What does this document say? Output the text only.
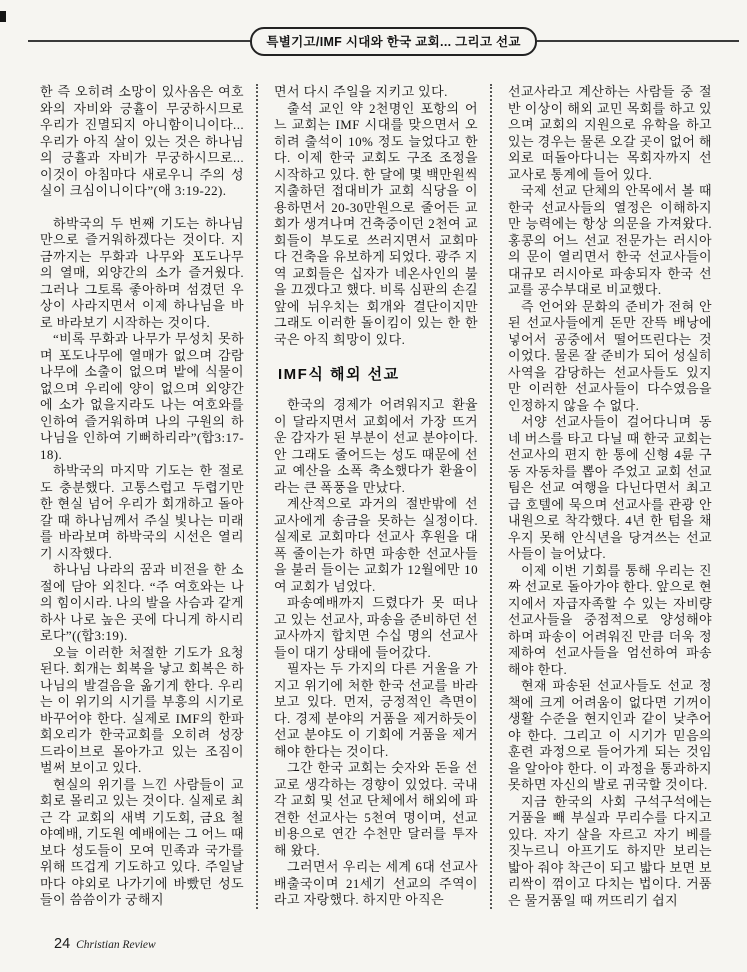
특별기고/IMF 시대와 한국 교회... 그리고 선교

한 즉 오히려 소망이 있사옴은 여호와의 자비와 긍휼이 무궁하시므로 우리가 진멸되지 아니함이니이다... 우리가 아직 살이 있는 것은 하나님의 긍휼과 자비가 무궁하시므로... 이것이 아침마다 새로우니 주의 성실이 크심이니이다”(애 3:19-22).

하박국의 두 번째 기도는 하나님만으로 즐거워하겠다는 것이다. 지금까지는 무화과 나무와 포도나무의 열매, 외양간의 소가 즐거웠다. 그러나 그토록 좋아하며 섬겼던 우상이 사라지면서 이제 하나님을 바로 바라보기 시작하는 것이다.

“비록 무화과 나무가 무성치 못하며 포도나무에 열매가 없으며 감람나무에 소출이 없으며 밭에 식물이 없으며 우리에 양이 없으며 외양간에 소가 없을지라도 나는 여호와를 인하여 즐거워하며 나의 구원의 하나님을 인하여 기뻐하리라”(합3:17-18).

하박국의 마지막 기도는 한 절로도 충분했다. 고통스럽고 두렵기만 한 현실 넘어 우리가 회개하고 돌아갈 때 하나님께서 주실 빛나는 미래를 바라보며 하박국의 시선은 열리기 시작했다.

하나님 나라의 꿈과 비전을 한 소절에 담아 외친다. “주 여호와는 나의 힘이시라. 나의 발을 사슴과 같게 하사 나로 높은 곳에 다니게 하시리로다”((합3:19).

오늘 이러한 처절한 기도가 요청된다. 회개는 회복을 낳고 회복은 하나님의 발걸음을 옮기게 한다. 우리는 이 위기의 시기를 부흥의 시기로 바꾸어야 한다. 실제로 IMF의 한파 회오리가 한국교회를 오히려 성장 드라이브로 몰아가고 있는 조짐이 벌써 보이고 있다.

현실의 위기를 느낀 사람들이 교회로 몰리고 있는 것이다. 실제로 최근 각 교회의 새벽 기도회, 금요 철야예배, 기도원 예배에는 그 어느 때보다 성도들이 모여 민족과 국가를 위해 뜨겁게 기도하고 있다. 주일날마다 야외로 나가기에 바빴던 성도들이 씀씀이가 궁해지

면서 다시 주일을 지키고 있다.

출석 교인 약 2천명인 포항의 어느 교회는 IMF 시대를 맞으면서 오히려 출석이 10% 정도 늘었다고 한다. 이제 한국 교회도 구조 조정을 시작하고 있다. 한 달에 몇 백만원씩 지출하던 접대비가 교회 식당을 이용하면서 20-30만원으로 줄어든 교회가 생겨나며 건축중이던 2천여 교회들이 부도로 쓰러지면서 교회마다 건축을 유보하게 되었다. 광주 지역 교회들은 십자가 네온사인의 불을 끄겠다고 했다. 비록 심판의 손길 앞에 뉘우치는 회개와 결단이지만 그래도 이러한 돌이킴이 있는 한 한국은 아직 희망이 있다.

IMF식 해외 선교

한국의 경제가 어려워지고 환율이 달라지면서 교회에서 가장 뜨거운 감자가 된 부분이 선교 분야이다. 안 그래도 줄어드는 성도 때문에 선교 예산을 소폭 축소했다가 환율이라는 큰 폭풍을 만났다.

계산적으로 과거의 절반밖에 선교사에게 송금을 못하는 실정이다. 실제로 교회마다 선교사 후원을 대폭 줄이는가 하면 파송한 선교사들을 불러 들이는 교회가 12월에만 10여 교회가 넘었다.

파송예배까지 드렸다가 못 떠나고 있는 선교사, 파송을 준비하던 선교사까지 합치면 수십 명의 선교사들이 대기 상태에 들어갔다.

필자는 두 가지의 다른 거울을 가지고 위기에 처한 한국 선교를 바라보고 있다. 먼저, 긍정적인 측면이다. 경제 분야의 거품을 제거하듯이 선교 분야도 이 기회에 거품을 제거해야 한다는 것이다.

그간 한국 교회는 숫자와 돈을 선교로 생각하는 경향이 있었다. 국내 각 교회 및 선교 단체에서 해외에 파견한 선교사는 5천여 명이며, 선교 비용으로 연간 수천만 달러를 투자해 왔다.

그러면서 우리는 세계 6대 선교사 배출국이며 21세기 선교의 주역이라고 자랑했다. 하지만 아직은

선교사라고 계산하는 사람들 중 절반 이상이 해외 교민 목회를 하고 있으며 교회의 지원으로 유학을 하고 있는 경우는 물론 오갈 곳이 없어 해외로 떠돌아다니는 목회자까지 선교사로 통계에 들어 있다.

국제 선교 단체의 안목에서 볼 때 한국 선교사들의 열정은 이해하지만 능력에는 항상 의문을 가져왔다. 홍콩의 어느 선교 전문가는 러시아의 문이 열리면서 한국 선교사들이 대규모 러시아로 파송되자 한국 선교를 공수부대로 비교했다.

즉 언어와 문화의 준비가 전혀 안된 선교사들에게 돈만 잔뜩 배낭에 넣어서 공중에서 떨어뜨린다는 것이었다. 물론 잘 준비가 되어 성실히 사역을 감당하는 선교사들도 있지만 이러한 선교사들이 다수였음을 인정하지 않을 수 없다.

서양 선교사들이 걸어다니며 동네 버스를 타고 다닐 때 한국 교회는 선교사의 편지 한 통에 신형 4륜 구동 자동차를 뽑아 주었고 교회 선교 팀은 선교 여행을 다닌다면서 최고급 호텔에 묵으며 선교사를 관광 안내원으로 착각했다. 4년 한 텀을 채우지 못해 안식년을 당겨쓰는 선교사들이 늘어났다.

이제 이번 기회를 통해 우리는 진짜 선교로 돌아가야 한다. 앞으로 현지에서 자급자족할 수 있는 자비량 선교사들을 중점적으로 양성해야 하며 파송이 어려워진 만큼 더욱 정제하여 선교사들을 엄선하여 파송해야 한다.

현재 파송된 선교사들도 선교 정책에 크게 어려움이 없다면 기꺼이 생활 수준을 현지인과 같이 낮추어야 한다. 그리고 이 시기가 믿음의 훈련 과정으로 들어가게 되는 것임을 알아야 한다. 이 과정을 통과하지 못하면 자신의 발로 귀국할 것이다.

지금 한국의 사회 구석구석에는 거품을 빼 부실과 무리수를 다지고 있다. 자기 살을 자르고 자기 베를 짓누르니 아프기도 하지만 보리는 밟아 줘야 착근이 되고 밟다 보면 보리싹이 꺾이고 다치는 법이다. 거품은 물거품일 때 꺼뜨리기 쉽지

24 Christian Review
